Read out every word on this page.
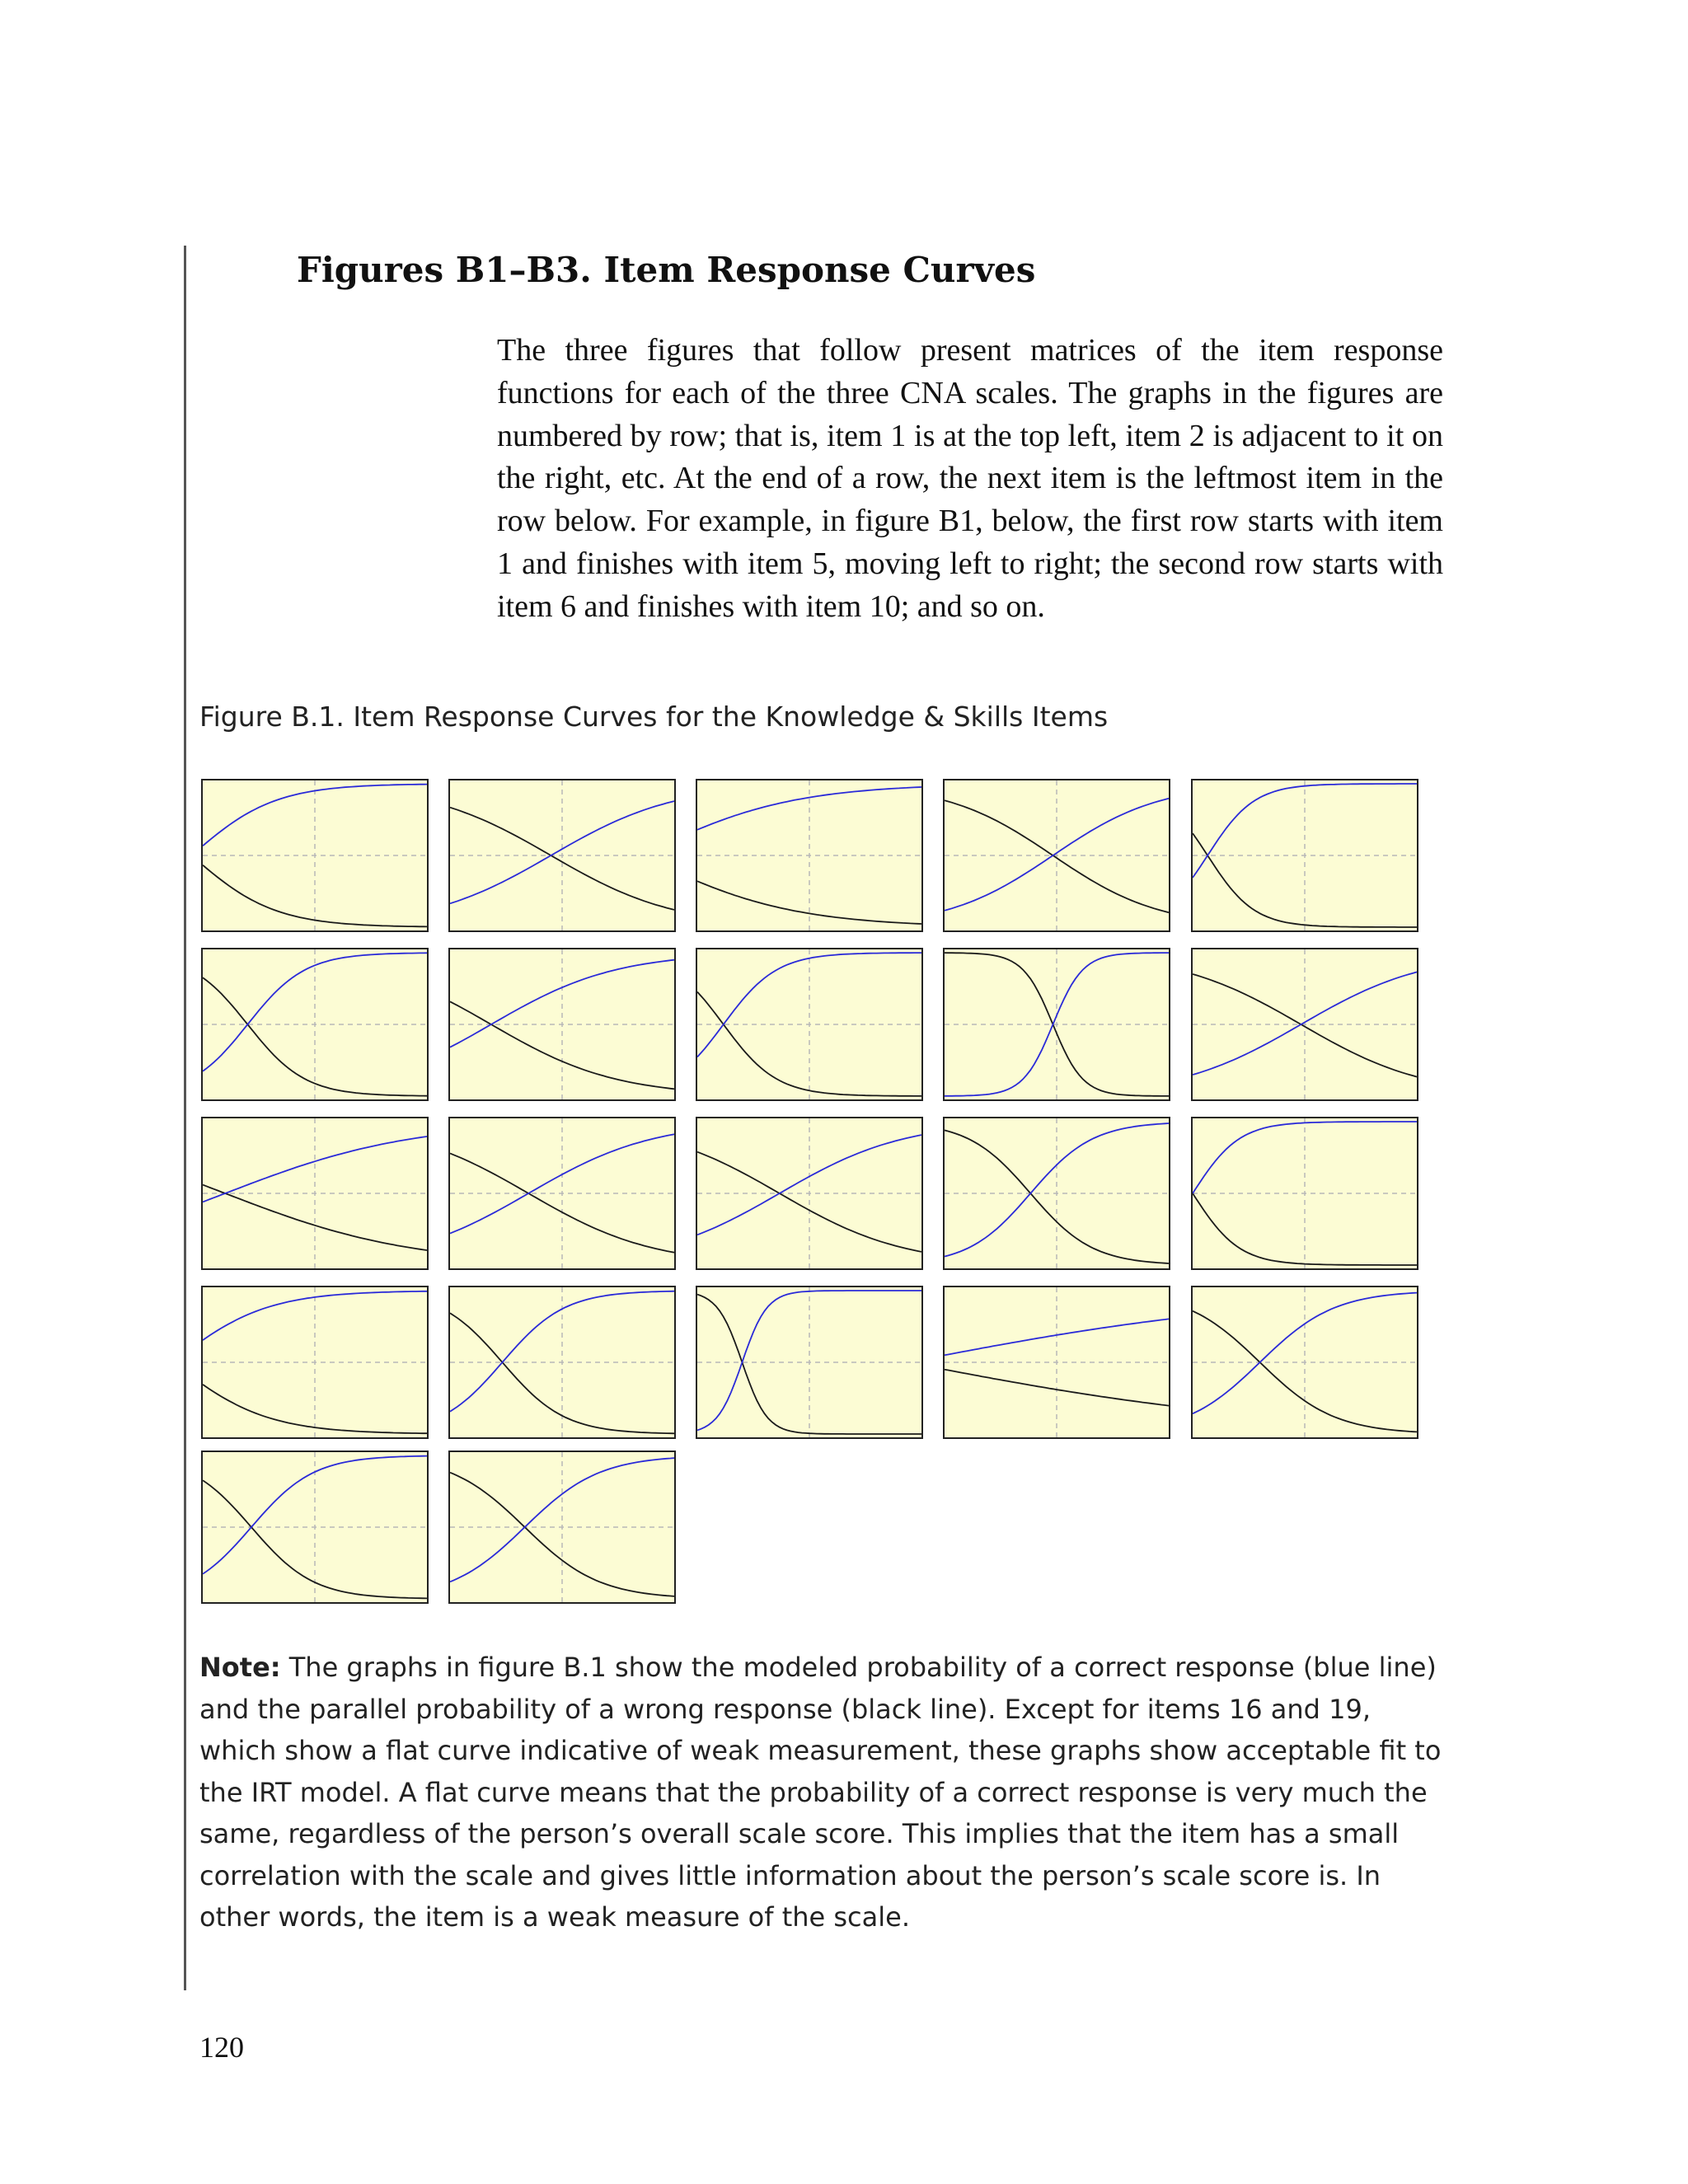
Figures B1–B3. Item Response Curves

The three figures that follow present matrices of the item response functions for each of the three CNA scales. The graphs in the figures are numbered by row; that is, item 1 is at the top left, item 2 is adjacent to it on the right, etc. At the end of a row, the next item is the leftmost item in the row below. For example, in figure B1, below, the first row starts with item 1 and finishes with item 5, moving left to right; the second row starts with item 6 and finishes with item 10; and so on.

Figure B.1. Item Response Curves for the Knowledge & Skills Items

Note: The graphs in figure B.1 show the modeled probability of a correct response (blue line) and the parallel probability of a wrong response (black line). Except for items 16 and 19, which show a flat curve indicative of weak measurement, these graphs show acceptable fit to the IRT model. A flat curve means that the probability of a correct response is very much the same, regardless of the person’s overall scale score. This implies that the item has a small correlation with the scale and gives little information about the person’s scale score is. In other words, the item is a weak measure of the scale.

120
